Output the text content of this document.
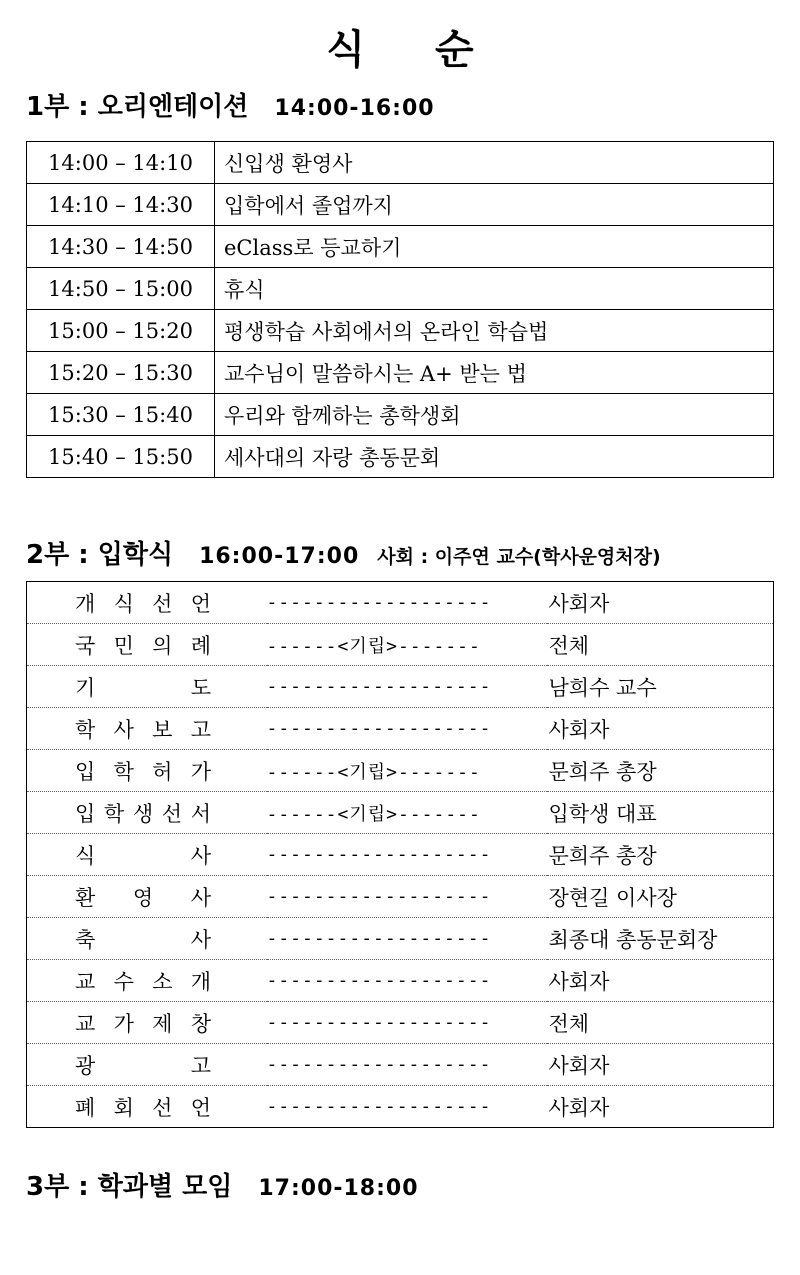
식 순
1부 : 오리엔테이션 14:00-16:00
14:00 – 14:10	신입생 환영사
14:10 – 14:30	입학에서 졸업까지
14:30 – 14:50	eClass로 등교하기
14:50 – 15:00	휴식
15:00 – 15:20	평생학습 사회에서의 온라인 학습법
15:20 – 15:30	교수님이 말씀하시는 A+ 받는 법
15:30 – 15:40	우리와 함께하는 총학생회
15:40 – 15:50	세사대의 자랑 총동문회
2부 : 입학식 16:00-17:00 사회 : 이주연 교수(학사운영처장)
개 식 선 언	-------------------	사회자

국 민 의 례	------<기립>-------	전체

기 도	-------------------	남희수 교수

학 사 보 고	-------------------	사회자

입 학 허 가	------<기립>-------	문희주 총장

입 학 생 선 서	------<기립>-------	입학생 대표

식 사	-------------------	문희주 총장

환 영 사	-------------------	장현길 이사장

축 사	-------------------	최종대 총동문회장

교 수 소 개	-------------------	사회자

교 가 제 창	-------------------	전체

광 고	-------------------	사회자

폐 회 선 언	-------------------	사회자
3부 : 학과별 모임 17:00-18:00
